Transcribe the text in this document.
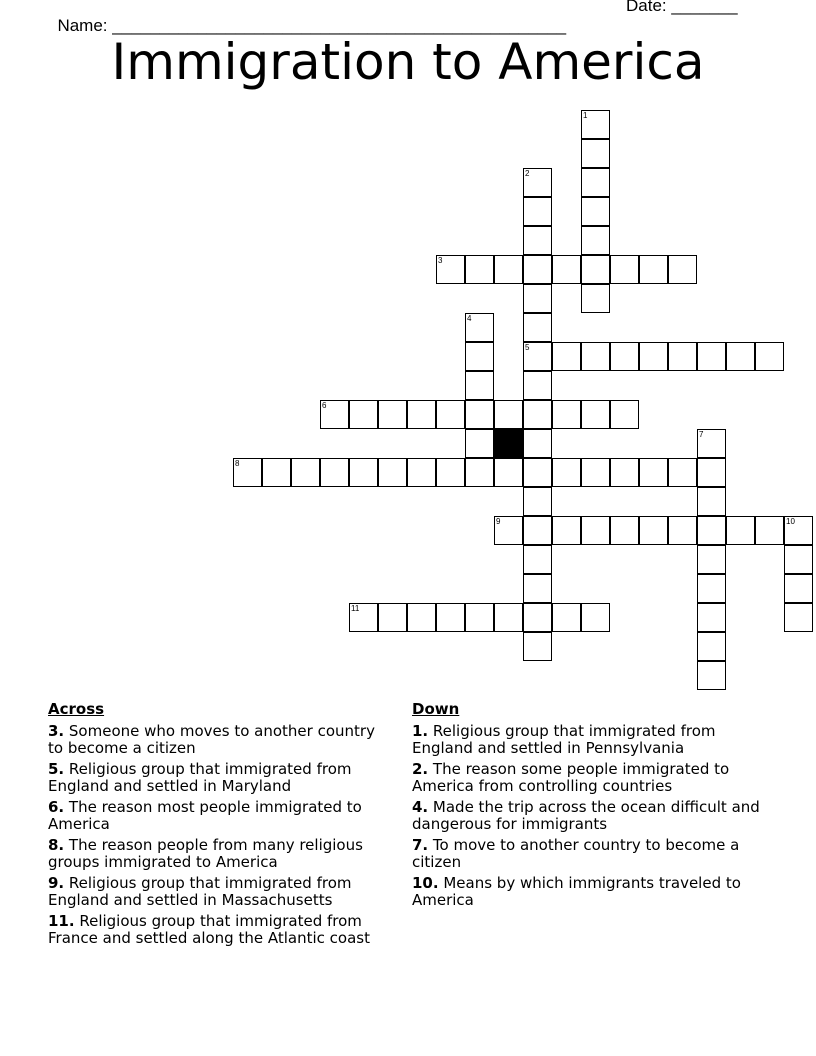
Name: ________________________________________________

Date: _______

Immigration to America
1
2
5
3
4
6
7
8
9	10
11
Across
3. Someone who moves to another country to become a citizen
5. Religious group that immigrated from England and settled in Maryland
6. The reason most people immigrated to America
8. The reason people from many religious groups immigrated to America
9. Religious group that immigrated from England and settled in Massachusetts
11. Religious group that immigrated from France and settled along the Atlantic coast
Down
1. Religious group that immigrated from England and settled in Pennsylvania
2. The reason some people immigrated to America from controlling countries
4. Made the trip across the ocean difficult and dangerous for immigrants
7. To move to another country to become a citizen
10. Means by which immigrants traveled to America
